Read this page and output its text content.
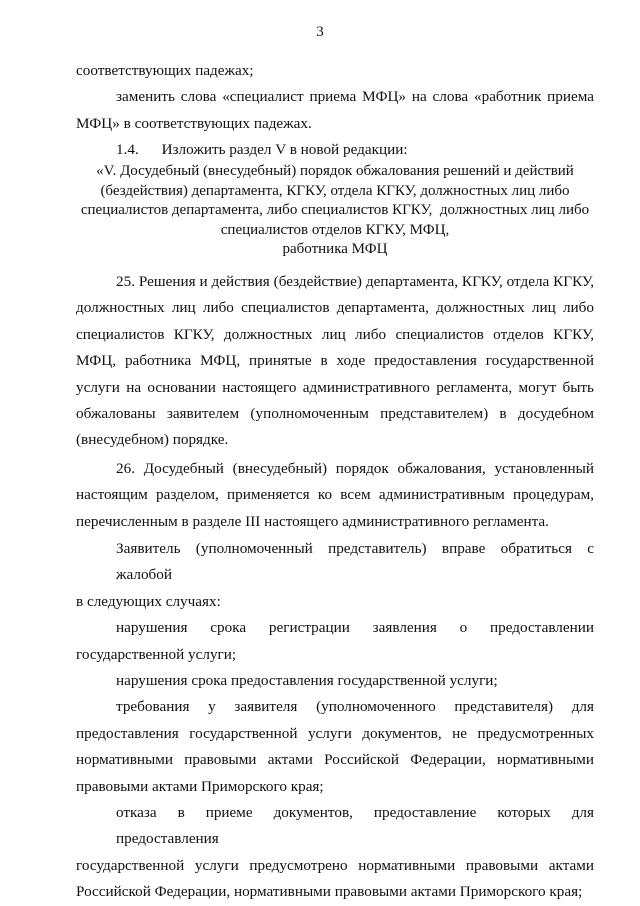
3
соответствующих падежах;
заменить слова «специалист приема МФЦ» на слова «работник приема
МФЦ» в соответствующих падежах.
1.4.      Изложить раздел V в новой редакции:
«V. Досудебный (внесудебный) порядок обжалования решений и действий
(бездействия) департамента, КГКУ, отдела КГКУ, должностных лиц либо
специалистов департамента, либо специалистов КГКУ,  должностных лиц либо
специалистов отделов КГКУ, МФЦ,
работника МФЦ
25. Решения и действия (бездействие) департамента, КГКУ, отдела КГКУ,
должностных лиц либо специалистов департамента, должностных лиц либо
специалистов КГКУ, должностных лиц либо специалистов отделов КГКУ,
МФЦ, работника МФЦ, принятые в ходе предоставления государственной
услуги на основании настоящего административного регламента, могут быть
обжалованы заявителем (уполномоченным представителем) в досудебном
(внесудебном) порядке.
26. Досудебный (внесудебный) порядок обжалования, установленный
настоящим разделом, применяется ко всем административным процедурам,
перечисленным в разделе III настоящего административного регламента.
Заявитель (уполномоченный представитель) вправе обратиться с жалобой
в следующих случаях:
нарушения срока регистрации заявления о предоставлении
государственной услуги;
нарушения срока предоставления государственной услуги;
требования у заявителя (уполномоченного представителя) для
предоставления государственной услуги документов, не предусмотренных
нормативными правовыми актами Российской Федерации, нормативными
правовыми актами Приморского края;
отказа в приеме документов, предоставление которых для предоставления
государственной услуги предусмотрено нормативными правовыми актами
Российской Федерации, нормативными правовыми актами Приморского края;
